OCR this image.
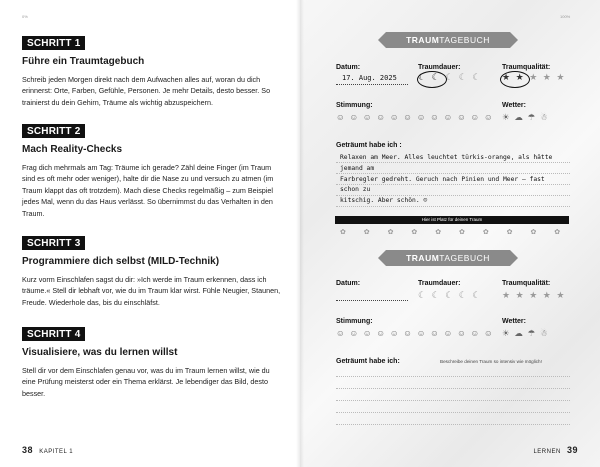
0%	100%
SCHRITT 1
Führe ein Traumtagebuch
Schreib jeden Morgen direkt nach dem Aufwachen alles auf, woran du dich erinnerst: Orte, Farben, Gefühle, Personen. Je mehr Details, desto besser. So trainierst du dein Gehirn, Träume als wichtig abzuspeichern.
SCHRITT 2
Mach Reality-Checks
Frag dich mehrmals am Tag: Träume ich gerade? Zähl deine Finger (im Traum sind es oft mehr oder weniger), halte dir die Nase zu und versuch zu atmen (im Traum klappt das oft trotzdem). Mach diese Checks regelmäßig – zum Beispiel jedes Mal, wenn du das Haus verlässt. So übernimmst du das Verhalten in den Traum.
SCHRITT 3
Programmiere dich selbst (MILD-Technik)
Kurz vorm Einschlafen sagst du dir: »Ich werde im Traum erkennen, dass ich träume.« Stell dir lebhaft vor, wie du im Traum klar wirst. Fühle Neugier, Staunen, Freude. Wiederhole das, bis du einschläfst.
SCHRITT 4
Visualisiere, was du lernen willst
Stell dir vor dem Einschlafen genau vor, was du im Traum lernen willst, wie du eine Prüfung meisterst oder ein Thema erklärst. Je lebendiger das Bild, desto besser.
38 KAPITEL 1
TRAUMTAGEBUCH
Datum:	Traumdauer:	Traumqualität:
17. Aug. 2025 ☾ ☾ ☾ ☾ ☾ ★ ★ ★ ★ ★
Stimmung:	Wetter:
☺ ☺ ☺ ☺ ☺ ☺ ☺ ☺ ☺ ☺ ☺ ☺ ☀ ☁ ☂ ☃
Geträumt habe ich :
Relaxen am Meer. Alles leuchtet türkis-orange, als hätte jemand am
Farbregler gedreht. Geruch nach Pinien und Meer – fast schon zu
kitschig. Aber schön. ☺
Hier ist Platz für deinen Traum
✿ ✿ ✿ ✿ ✿ ✿ ✿ ✿ ✿ ✿
TRAUMTAGEBUCH
Datum:	Traumdauer:	Traumqualität:
☾ ☾ ☾ ☾ ☾ ★ ★ ★ ★ ★
Stimmung:	Wetter:
☺ ☺ ☺ ☺ ☺ ☺ ☺ ☺ ☺ ☺ ☺ ☺ ☀ ☁ ☂ ☃
Geträumt habe ich:	Beschreibe deinen Traum so intensiv wie möglich!
LERNEN 39
